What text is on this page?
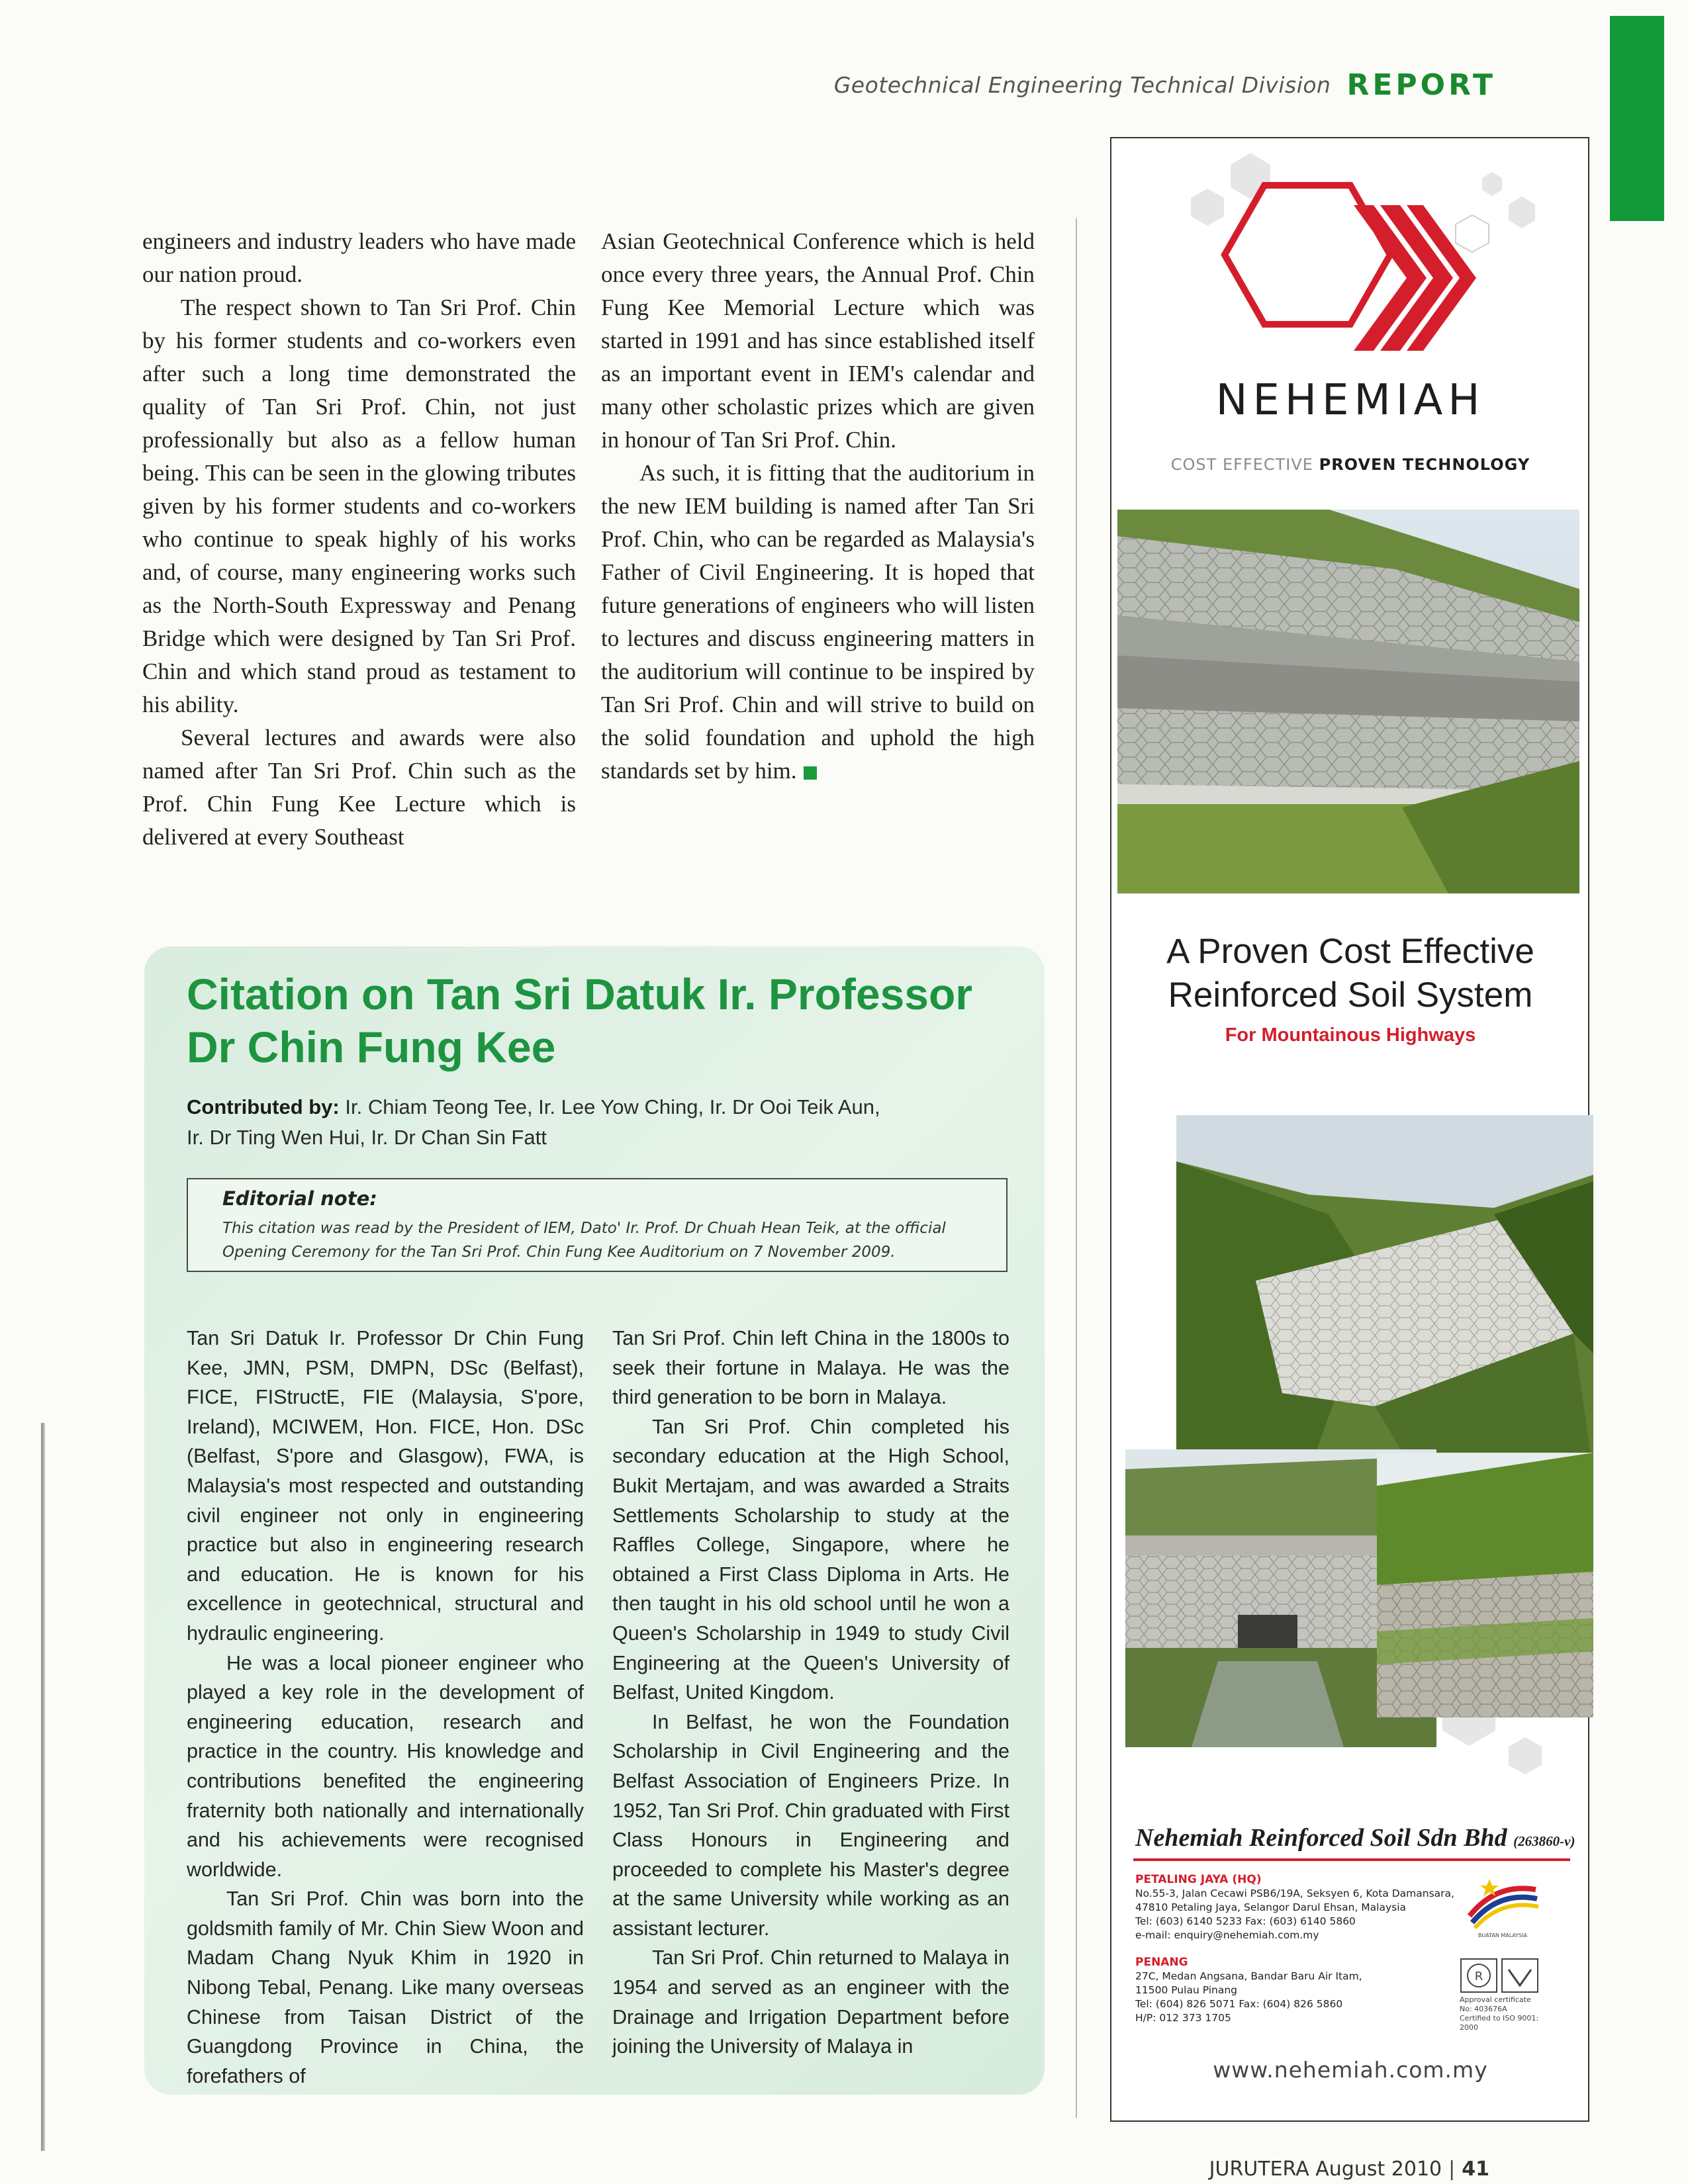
Geotechnical Engineering Technical Division REPORT

engineers and industry leaders who have made our nation proud.

The respect shown to Tan Sri Prof. Chin by his former students and co-workers even after such a long time demonstrated the quality of Tan Sri Prof. Chin, not just professionally but also as a fellow human being. This can be seen in the glowing tributes given by his former students and co-workers who continue to speak highly of his works and, of course, many engineering works such as the North-South Expressway and Penang Bridge which were designed by Tan Sri Prof. Chin and which stand proud as testament to his ability.

Several lectures and awards were also named after Tan Sri Prof. Chin such as the Prof. Chin Fung Kee Lecture which is delivered at every Southeast

Asian Geotechnical Conference which is held once every three years, the Annual Prof. Chin Fung Kee Memorial Lecture which was started in 1991 and has since established itself as an important event in IEM's calendar and many other scholastic prizes which are given in honour of Tan Sri Prof. Chin.

As such, it is fitting that the auditorium in the new IEM building is named after Tan Sri Prof. Chin, who can be regarded as Malaysia's Father of Civil Engineering. It is hoped that future generations of engineers who will listen to lectures and discuss engineering matters in the auditorium will continue to be inspired by Tan Sri Prof. Chin and will strive to build on the solid foundation and uphold the high standards set by him.

Citation on Tan Sri Datuk Ir. Professor
Dr Chin Fung Kee
Contributed by: Ir. Chiam Teong Tee, Ir. Lee Yow Ching, Ir. Dr Ooi Teik Aun,
Ir. Dr Ting Wen Hui, Ir. Dr Chan Sin Fatt
Editorial note:
This citation was read by the President of IEM, Dato' Ir. Prof. Dr Chuah Hean Teik, at the official Opening Ceremony for the Tan Sri Prof. Chin Fung Kee Auditorium on 7 November 2009.

Tan Sri Datuk Ir. Professor Dr Chin Fung Kee, JMN, PSM, DMPN, DSc (Belfast), FICE, FIStructE, FIE (Malaysia, S'pore, Ireland), MCIWEM, Hon. FICE, Hon. DSc (Belfast, S'pore and Glasgow), FWA, is Malaysia's most respected and outstanding civil engineer not only in engineering practice but also in engineering research and education. He is known for his excellence in geotechnical, structural and hydraulic engineering.

He was a local pioneer engineer who played a key role in the development of engineering education, research and practice in the country. His knowledge and contributions benefited the engineering fraternity both nationally and internationally and his achievements were recognised worldwide.

Tan Sri Prof. Chin was born into the goldsmith family of Mr. Chin Siew Woon and Madam Chang Nyuk Khim in 1920 in Nibong Tebal, Penang. Like many overseas Chinese from Taisan District of the Guangdong Province in China, the forefathers of

Tan Sri Prof. Chin left China in the 1800s to seek their fortune in Malaya. He was the third generation to be born in Malaya.

Tan Sri Prof. Chin completed his secondary education at the High School, Bukit Mertajam, and was awarded a Straits Settlements Scholarship to study at the Raffles College, Singapore, where he obtained a First Class Diploma in Arts. He then taught in his old school until he won a Queen's Scholarship in 1949 to study Civil Engineering at the Queen's University of Belfast, United Kingdom.

In Belfast, he won the Foundation Scholarship in Civil Engineering and the Belfast Association of Engineers Prize. In 1952, Tan Sri Prof. Chin graduated with First Class Honours in Engineering and proceeded to complete his Master's degree at the same University while working as an assistant lecturer.

Tan Sri Prof. Chin returned to Malaya in 1954 and served as an engineer with the Drainage and Irrigation Department before joining the University of Malaya in

NEHEMIAH
COST EFFECTIVE PROVEN TECHNOLOGY
A Proven Cost Effective
Reinforced Soil System
For Mountainous Highways
Nehemiah Reinforced Soil Sdn Bhd (263860-v)
PETALING JAYA (HQ)
No.55-3, Jalan Cecawi PSB6/19A, Seksyen 6, Kota Damansara,
47810 Petaling Jaya, Selangor Darul Ehsan, Malaysia
Tel: (603) 6140 5233 Fax: (603) 6140 5860
e-mail: enquiry@nehemiah.com.my
PENANG
27C, Medan Angsana, Bandar Baru Air Itam,
11500 Pulau Pinang
Tel: (604) 826 5071 Fax: (604) 826 5860
H/P: 012 373 1705
BUATAN MALAYSIA
R
Approval certificate
No: 403676A
Certified to ISO 9001: 2000
www.nehemiah.com.my
JURUTERA August 2010 | 41
